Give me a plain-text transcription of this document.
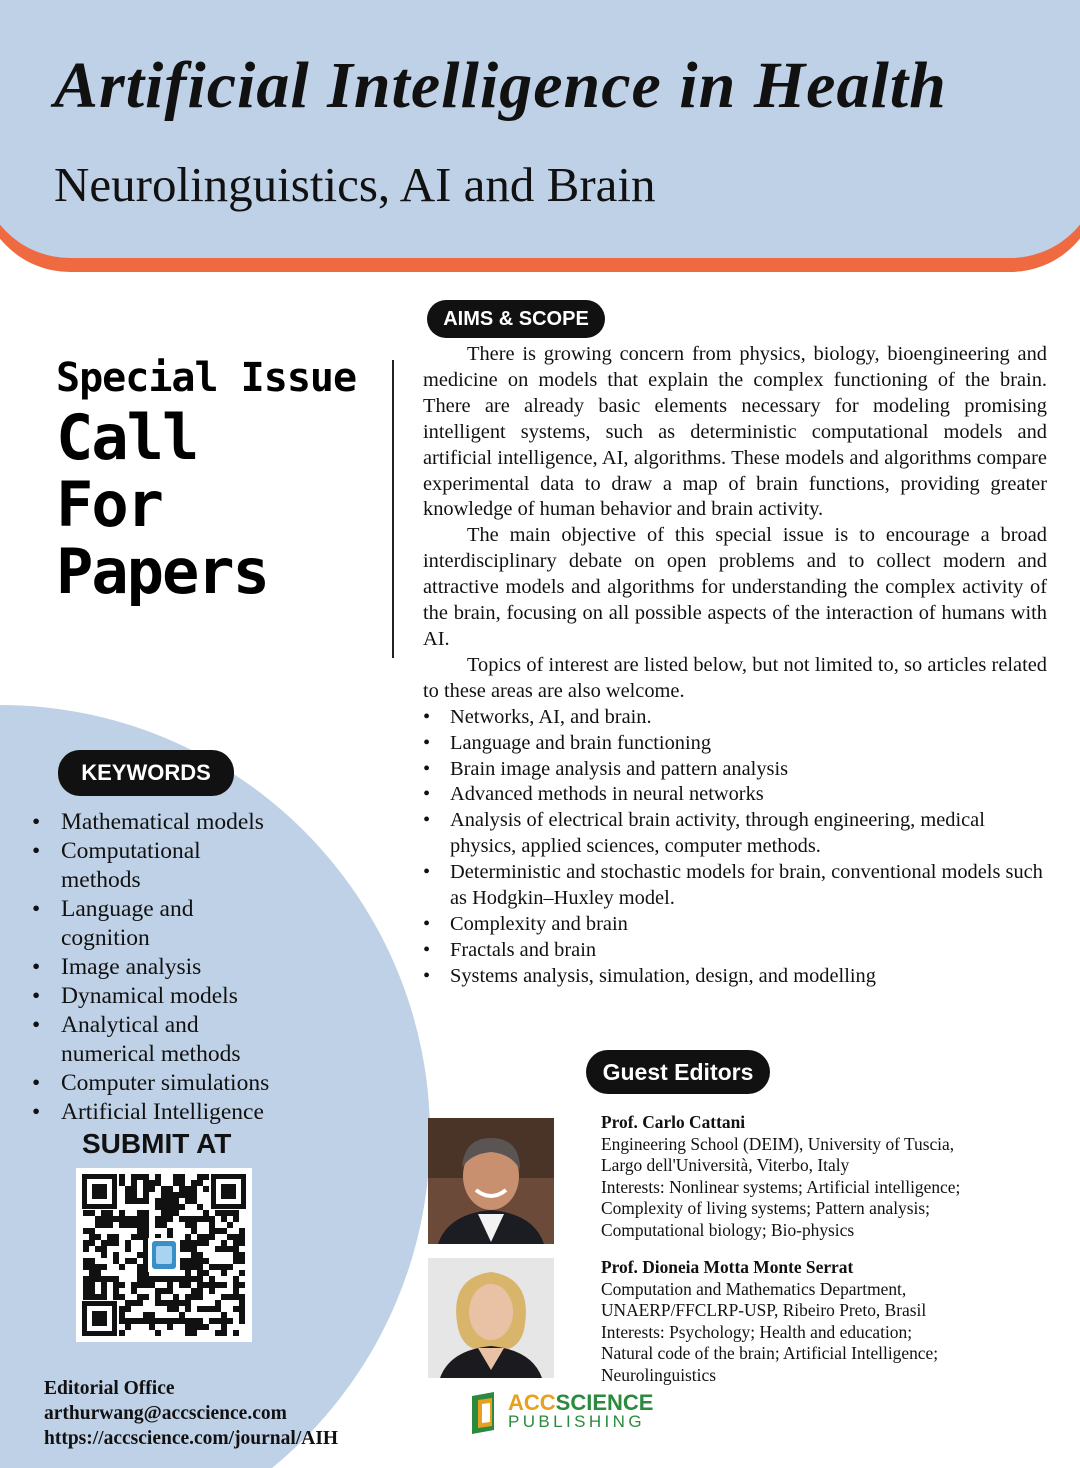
Artificial Intelligence in Health
Neurolinguistics, AI and Brain
Special Issue
Call
For
Papers
AIMS & SCOPE

There is growing concern from physics, biology, bioengineering and medicine on models that explain the complex functioning of the brain. There are already basic elements necessary for modeling promising intelligent systems, such as deterministic computational models and artificial intelligence, AI, algorithms. These models and algorithms compare experimental data to draw a map of brain functions, providing greater knowledge of human behavior and brain activity.

The main objective of this special issue is to encourage a broad interdisciplinary debate on open problems and to collect modern and attractive models and algorithms for understanding the complex activity of the brain, focusing on all possible aspects of the interaction of humans with AI.

Topics of interest are listed below, but not limited to, so articles related to these areas are also welcome.

• Networks, AI, and brain.
• Language and brain functioning
• Brain image analysis and pattern analysis
• Advanced methods in neural networks
• Analysis of electrical brain activity, through engineering, medical physics, applied sciences, computer methods.
• Deterministic and stochastic models for brain, conventional models such as Hodgkin–Huxley model.
• Complexity and brain
• Fractals and brain
• Systems analysis, simulation, design, and modelling
KEYWORDS
• Mathematical models
• Computational methods
• Language and cognition
• Image analysis
• Dynamical models
• Analytical and numerical methods
• Computer simulations
• Artificial Intelligence
SUBMIT AT
Editorial Office
arthurwang@accscience.com
https://accscience.com/journal/AIH
Guest Editors
Prof. Carlo Cattani
Engineering School (DEIM), University of Tuscia,
Largo dell'Università, Viterbo, Italy
Interests: Nonlinear systems; Artificial intelligence;
Complexity of living systems; Pattern analysis;
Computational biology; Bio-physics
Prof. Dioneia Motta Monte Serrat
Computation and Mathematics Department,
UNAERP/FFCLRP-USP, Ribeiro Preto, Brasil
Interests: Psychology; Health and education;
Natural code of the brain; Artificial Intelligence;
Neurolinguistics
ACCSCIENCE
PUBLISHING
